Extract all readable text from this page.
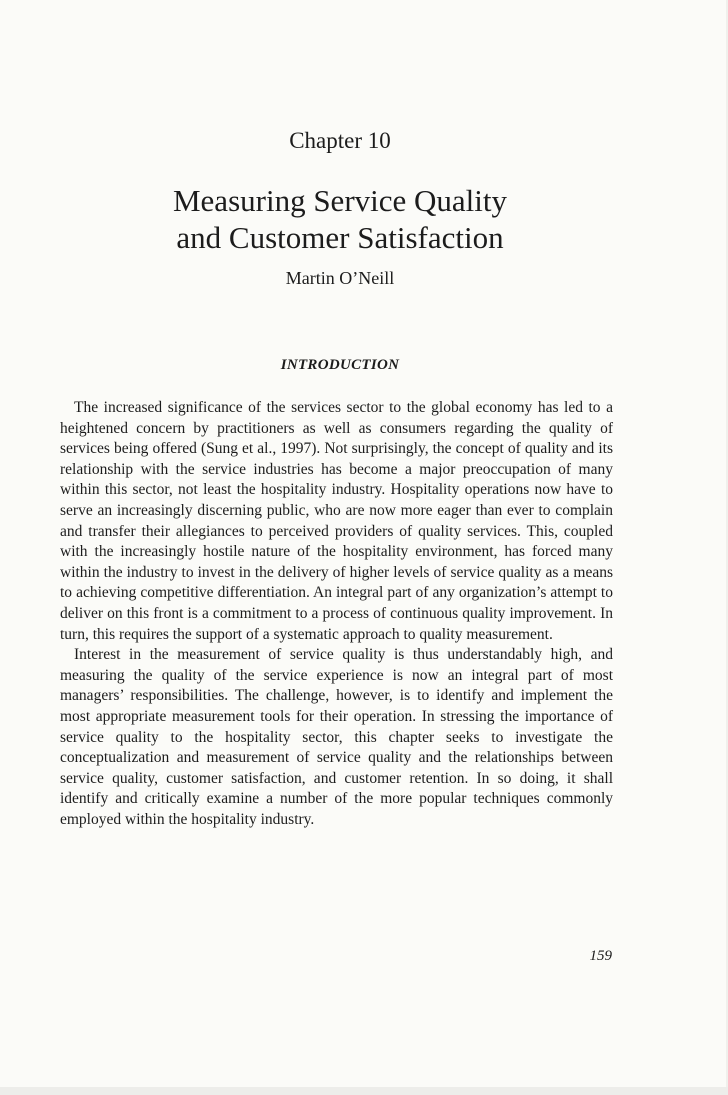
Chapter 10
Measuring Service Quality
and Customer Satisfaction
Martin O’Neill
INTRODUCTION

The increased significance of the services sector to the global economy has led to a heightened concern by practitioners as well as consumers regarding the quality of services being offered (Sung et al., 1997). Not surprisingly, the concept of quality and its relationship with the service industries has become a major preoccupation of many within this sector, not least the hospitality industry. Hospitality operations now have to serve an increasingly discerning public, who are now more eager than ever to complain and transfer their allegiances to perceived providers of quality services. This, coupled with the increasingly hostile nature of the hospitality environment, has forced many within the industry to invest in the delivery of higher levels of service quality as a means to achieving competitive differentiation. An integral part of any organization’s attempt to deliver on this front is a commitment to a process of continuous quality improvement. In turn, this requires the support of a systematic approach to quality measurement.

Interest in the measurement of service quality is thus understandably high, and measuring the quality of the service experience is now an integral part of most managers’ responsibilities. The challenge, however, is to identify and implement the most appropriate measurement tools for their operation. In stressing the importance of service quality to the hospitality sector, this chapter seeks to investigate the conceptualization and measurement of service quality and the relationships between service quality, customer satisfaction, and customer retention. In so doing, it shall identify and critically examine a number of the more popular techniques commonly employed within the hospitality industry.

159
